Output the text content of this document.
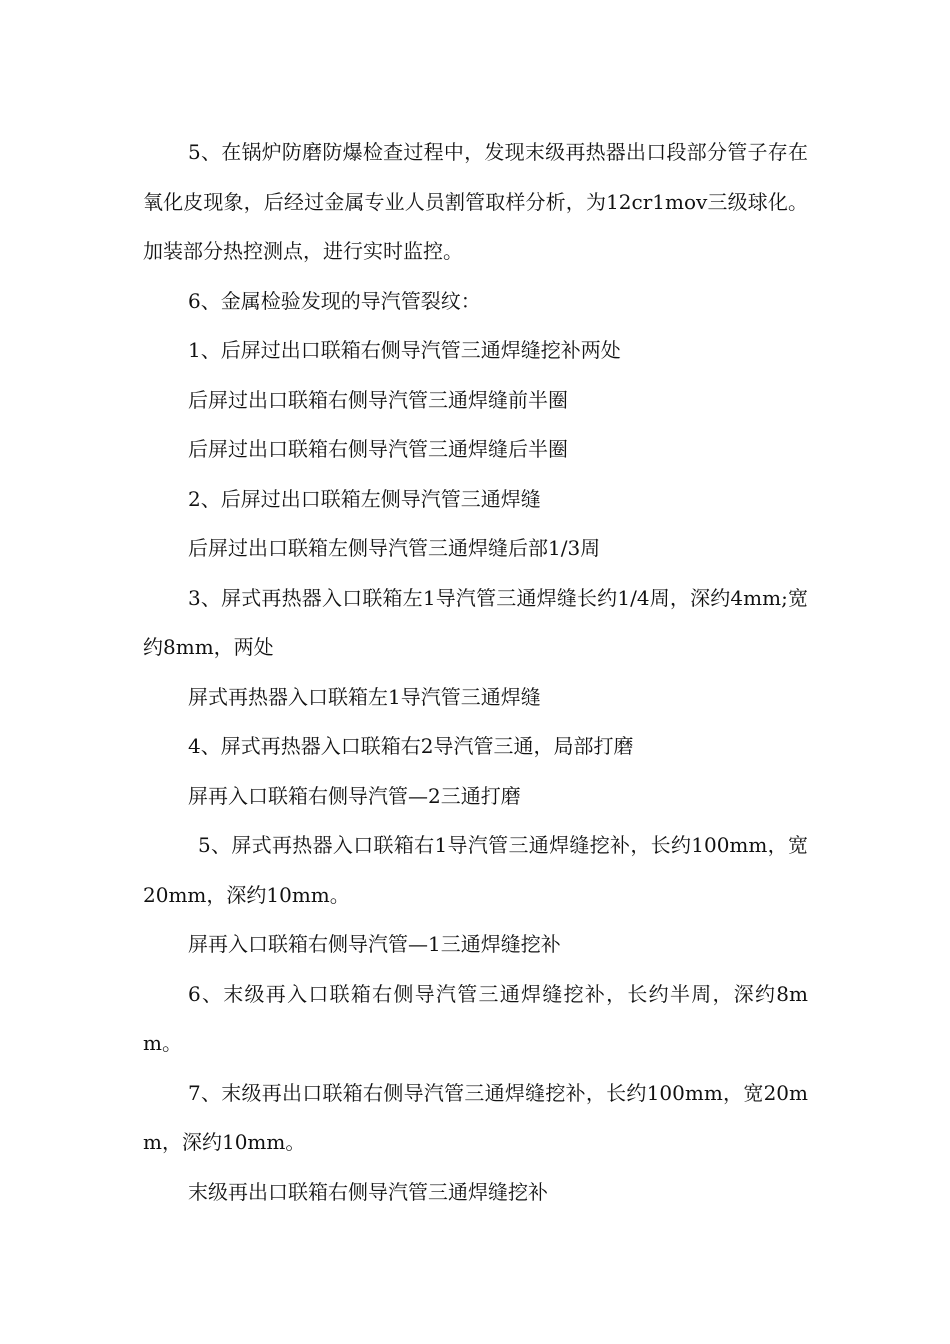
5、在锅炉防磨防爆检查过程中，发现末级再热器出口段部分管子存在氧化皮现象，后经过金属专业人员割管取样分析，为12cr1mov三级球化。加装部分热控测点，进行实时监控。

6、金属检验发现的导汽管裂纹：

1、后屏过出口联箱右侧导汽管三通焊缝挖补两处

后屏过出口联箱右侧导汽管三通焊缝前半圈

后屏过出口联箱右侧导汽管三通焊缝后半圈

2、后屏过出口联箱左侧导汽管三通焊缝

后屏过出口联箱左侧导汽管三通焊缝后部1/3周

3、屏式再热器入口联箱左1导汽管三通焊缝长约1/4周，深约4mm;宽约8mm，两处

屏式再热器入口联箱左1导汽管三通焊缝

4、屏式再热器入口联箱右2导汽管三通，局部打磨

屏再入口联箱右侧导汽管—2三通打磨

5、屏式再热器入口联箱右1导汽管三通焊缝挖补，长约100mm，宽20mm，深约10mm。

屏再入口联箱右侧导汽管—1三通焊缝挖补

6、末级再入口联箱右侧导汽管三通焊缝挖补，长约半周，深约8mm。

7、末级再出口联箱右侧导汽管三通焊缝挖补，长约100mm，宽20mm，深约10mm。

末级再出口联箱右侧导汽管三通焊缝挖补
